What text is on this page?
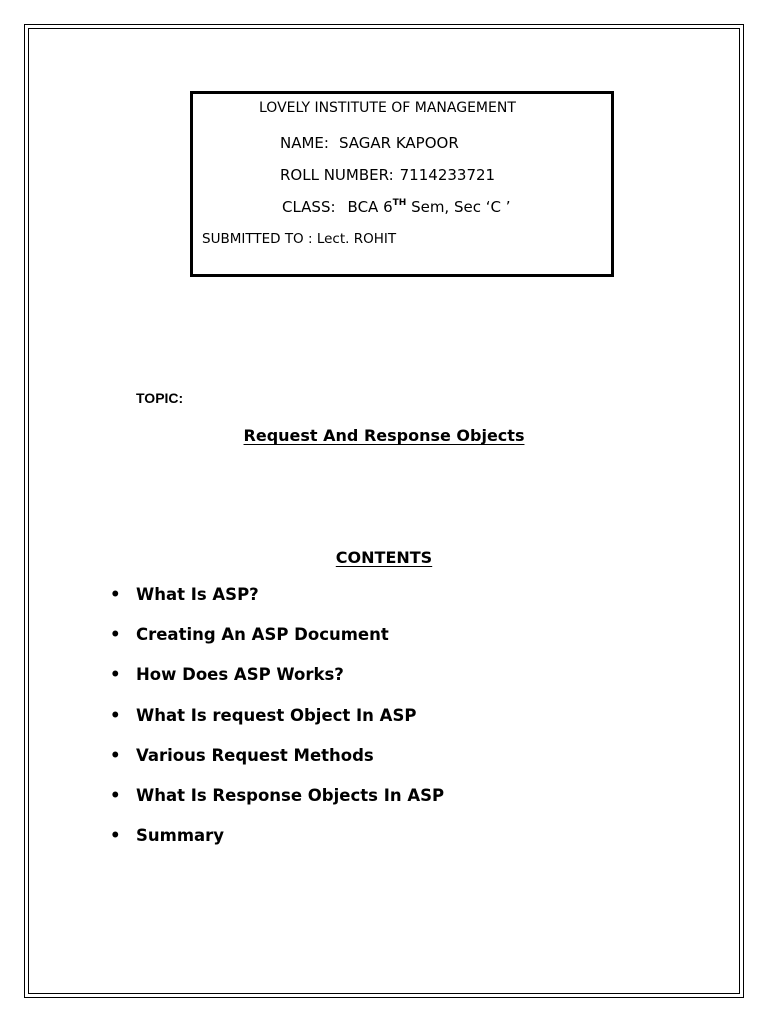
LOVELY INSTITUTE OF MANAGEMENT
NAME: SAGAR KAPOOR
ROLL NUMBER: 7114233721
CLASS: BCA 6TH Sem, Sec ‘C ’
SUBMITTED TO : Lect. ROHIT
TOPIC:
Request And Response Objects
CONTENTS
• What Is ASP?
• Creating An ASP Document
• How Does ASP Works?
• What Is request Object In ASP
• Various Request Methods
• What Is Response Objects In ASP
• Summary
